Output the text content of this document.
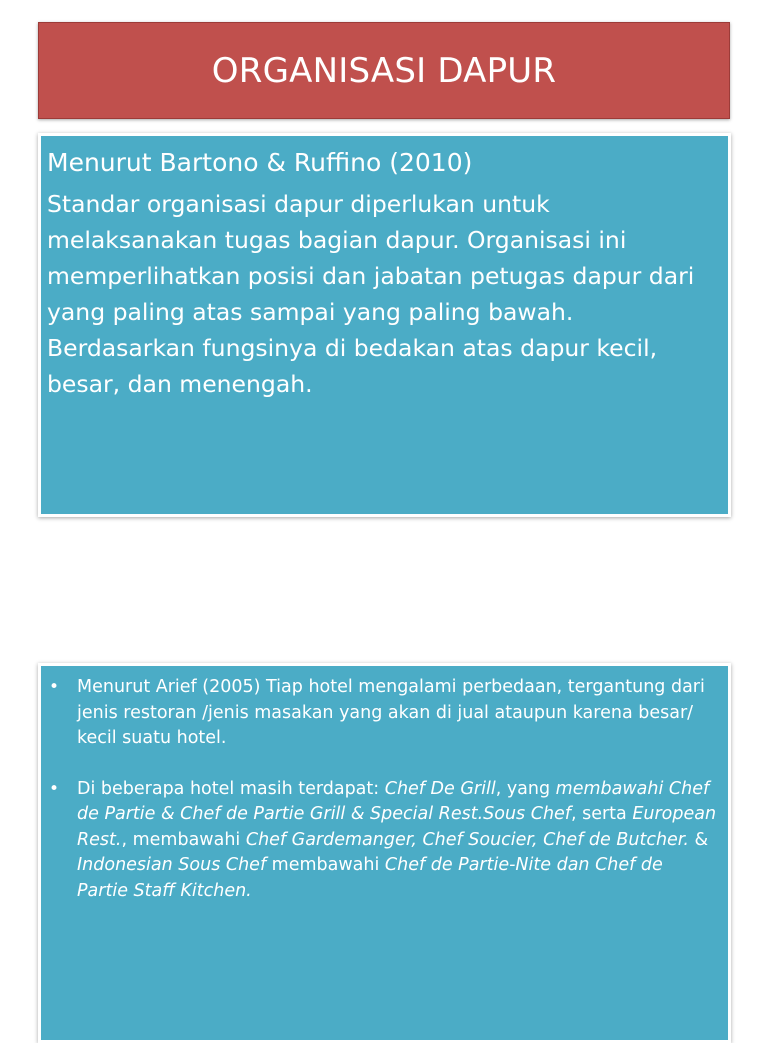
ORGANISASI DAPUR

Menurut Bartono & Ruffino (2010)

Standar organisasi dapur diperlukan untuk melaksanakan tugas bagian dapur. Organisasi ini memperlihatkan posisi dan jabatan petugas dapur dari yang paling atas sampai yang paling bawah. Berdasarkan fungsinya di bedakan atas dapur kecil, besar, dan menengah.

• Menurut Arief (2005) Tiap hotel mengalami perbedaan, tergantung dari jenis restoran /jenis masakan yang akan di jual ataupun karena besar/ kecil suatu hotel.
• Di beberapa hotel masih terdapat: Chef De Grill, yang membawahi Chef de Partie & Chef de Partie Grill & Special Rest.Sous Chef, serta European Rest., membawahi Chef Gardemanger, Chef Soucier, Chef de Butcher. & Indonesian Sous Chef membawahi Chef de Partie-Nite dan Chef de Partie Staff Kitchen.
